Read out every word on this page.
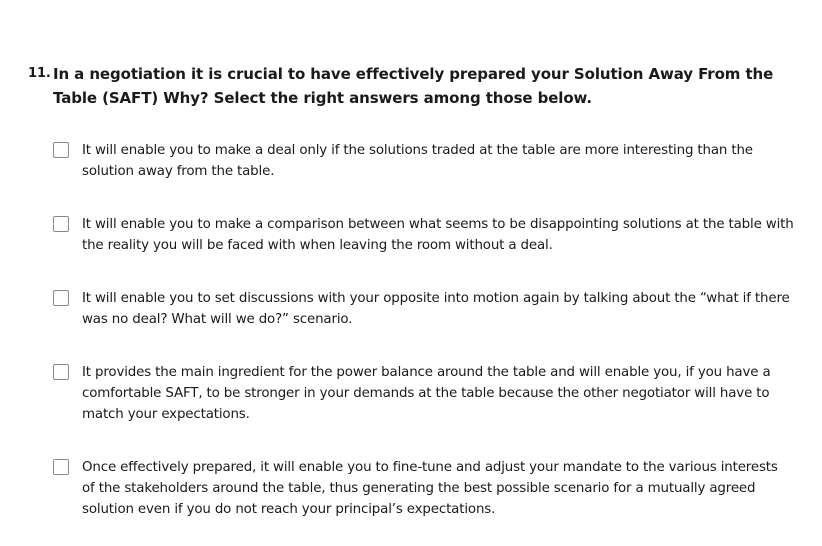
11. In a negotiation it is crucial to have effectively prepared your Solution Away From the Table (SAFT) Why? Select the right answers among those below.
It will enable you to make a deal only if the solutions traded at the table are more interesting than the solution away from the table.
It will enable you to make a comparison between what seems to be disappointing solutions at the table with the reality you will be faced with when leaving the room without a deal.
It will enable you to set discussions with your opposite into motion again by talking about the “what if there was no deal? What will we do?” scenario.
It provides the main ingredient for the power balance around the table and will enable you, if you have a comfortable SAFT, to be stronger in your demands at the table because the other negotiator will have to match your expectations.
Once effectively prepared, it will enable you to fine-tune and adjust your mandate to the various interests of the stakeholders around the table, thus generating the best possible scenario for a mutually agreed solution even if you do not reach your principal’s expectations.
